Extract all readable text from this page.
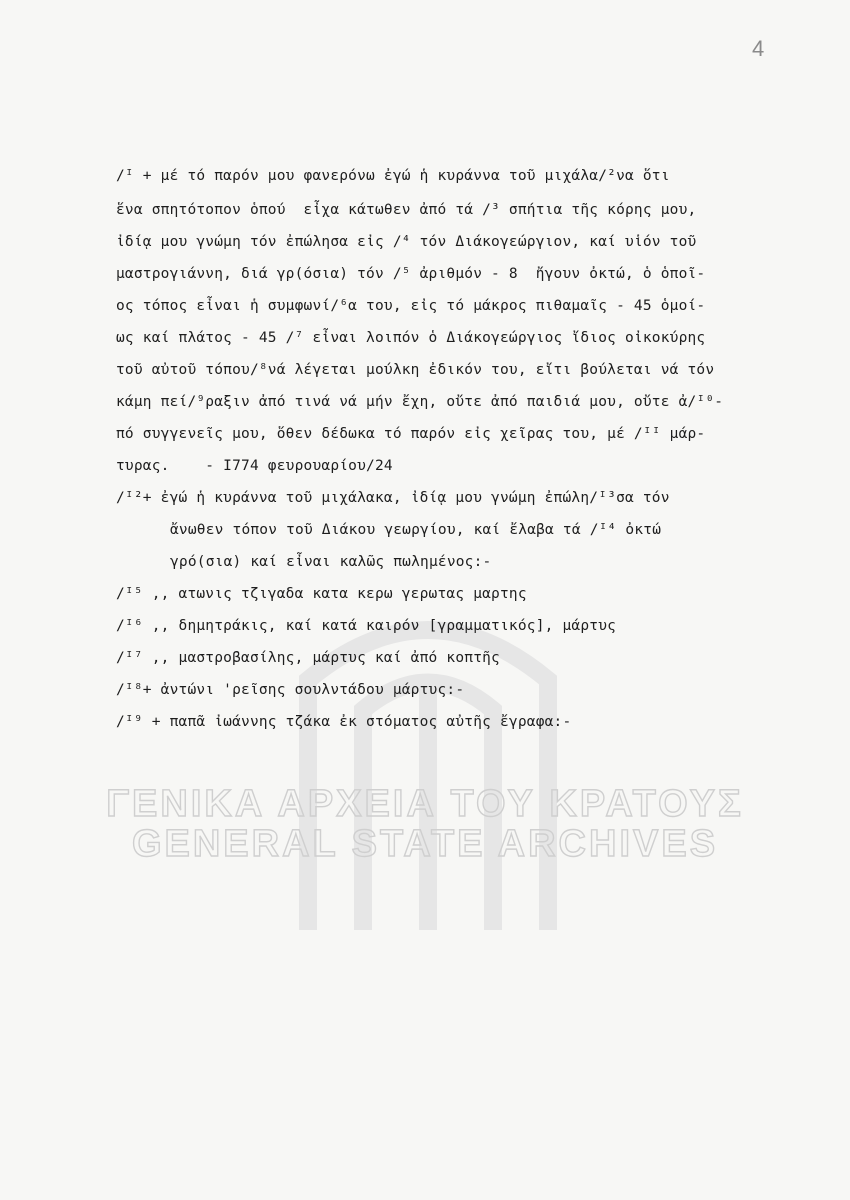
4
ΓΕΝΙΚΑ ΑΡΧΕΙΑ ΤΟΥ ΚΡΑΤΟΥΣ
GENERAL STATE ARCHIVES
/ᴵ + μέ τό παρόν μου φανερόνω ἐγώ ἡ κυράννα τοῦ μιχάλα/²να ὅτι
ἕνα σπητότοπον ὁπού  εἶχα κάτωθεν ἀπό τά /³ σπήτια τῆς κόρης μου,
ἰδίᾳ μου γνώμη τόν ἐπώλησα εἰς /⁴ τόν Διάκογεώργιον, καί υἱόν τοῦ
μαστρογιάννη, διά γρ(όσια) τόν /⁵ ἀριθμόν - 8  ἤγουν ὀκτώ, ὁ ὁποῖ-
ος τόπος εἶναι ἡ συμφωνί/⁶α του, εἰς τό μάκρος πιθαμαῖς - 45 ὁμοί-
ως καί πλάτος - 45 /⁷ εἶναι λοιπόν ὁ Διάκογεώργιος ἴδιος οἰκοκύρης
τοῦ αὐτοῦ τόπου/⁸νά λέγεται μούλκη ἐδικόν του, εἴτι βούλεται νά τόν
κάμη πεί/⁹ραξιν ἀπό τινά νά μήν ἔχη, οὔτε ἀπό παιδιά μου, οὔτε ἀ/ᴵ⁰-
πό συγγενεῖς μου, ὅθεν δέδωκα τό παρόν εἰς χεῖρας του, μέ /ᴵᴵ μάρ-
τυρας.    - Ι774 φευρουαρίου/24
/ᴵ²+ ἐγώ ἡ κυράννα τοῦ μιχάλακα, ἰδίᾳ μου γνώμη ἐπώλη/ᴵ³σα τόν
ἄνωθεν τόπον τοῦ Διάκου γεωργίου, καί ἔλαβα τά /ᴵ⁴ ὀκτώ
γρό(σια) καί εἶναι καλῶς πωλημένος:-
/ᴵ⁵ ,, ατωνις τζιγαδα κατα κερω γερωτας μαρτης
/ᴵ⁶ ,, δημητράκις, καί κατά καιρόν [γραμματικός], μάρτυς
/ᴵ⁷ ,, μαστροβασίλης, μάρτυς καί ἀπό κοπτῆς
/ᴵ⁸+ ἀντώνι 'ρεῖσης σουλντάδου μάρτυς:-
/ᴵ⁹ + παπᾶ ἰωάννης τζάκα ἐκ στόματος αὐτῆς ἔγραφα:-
